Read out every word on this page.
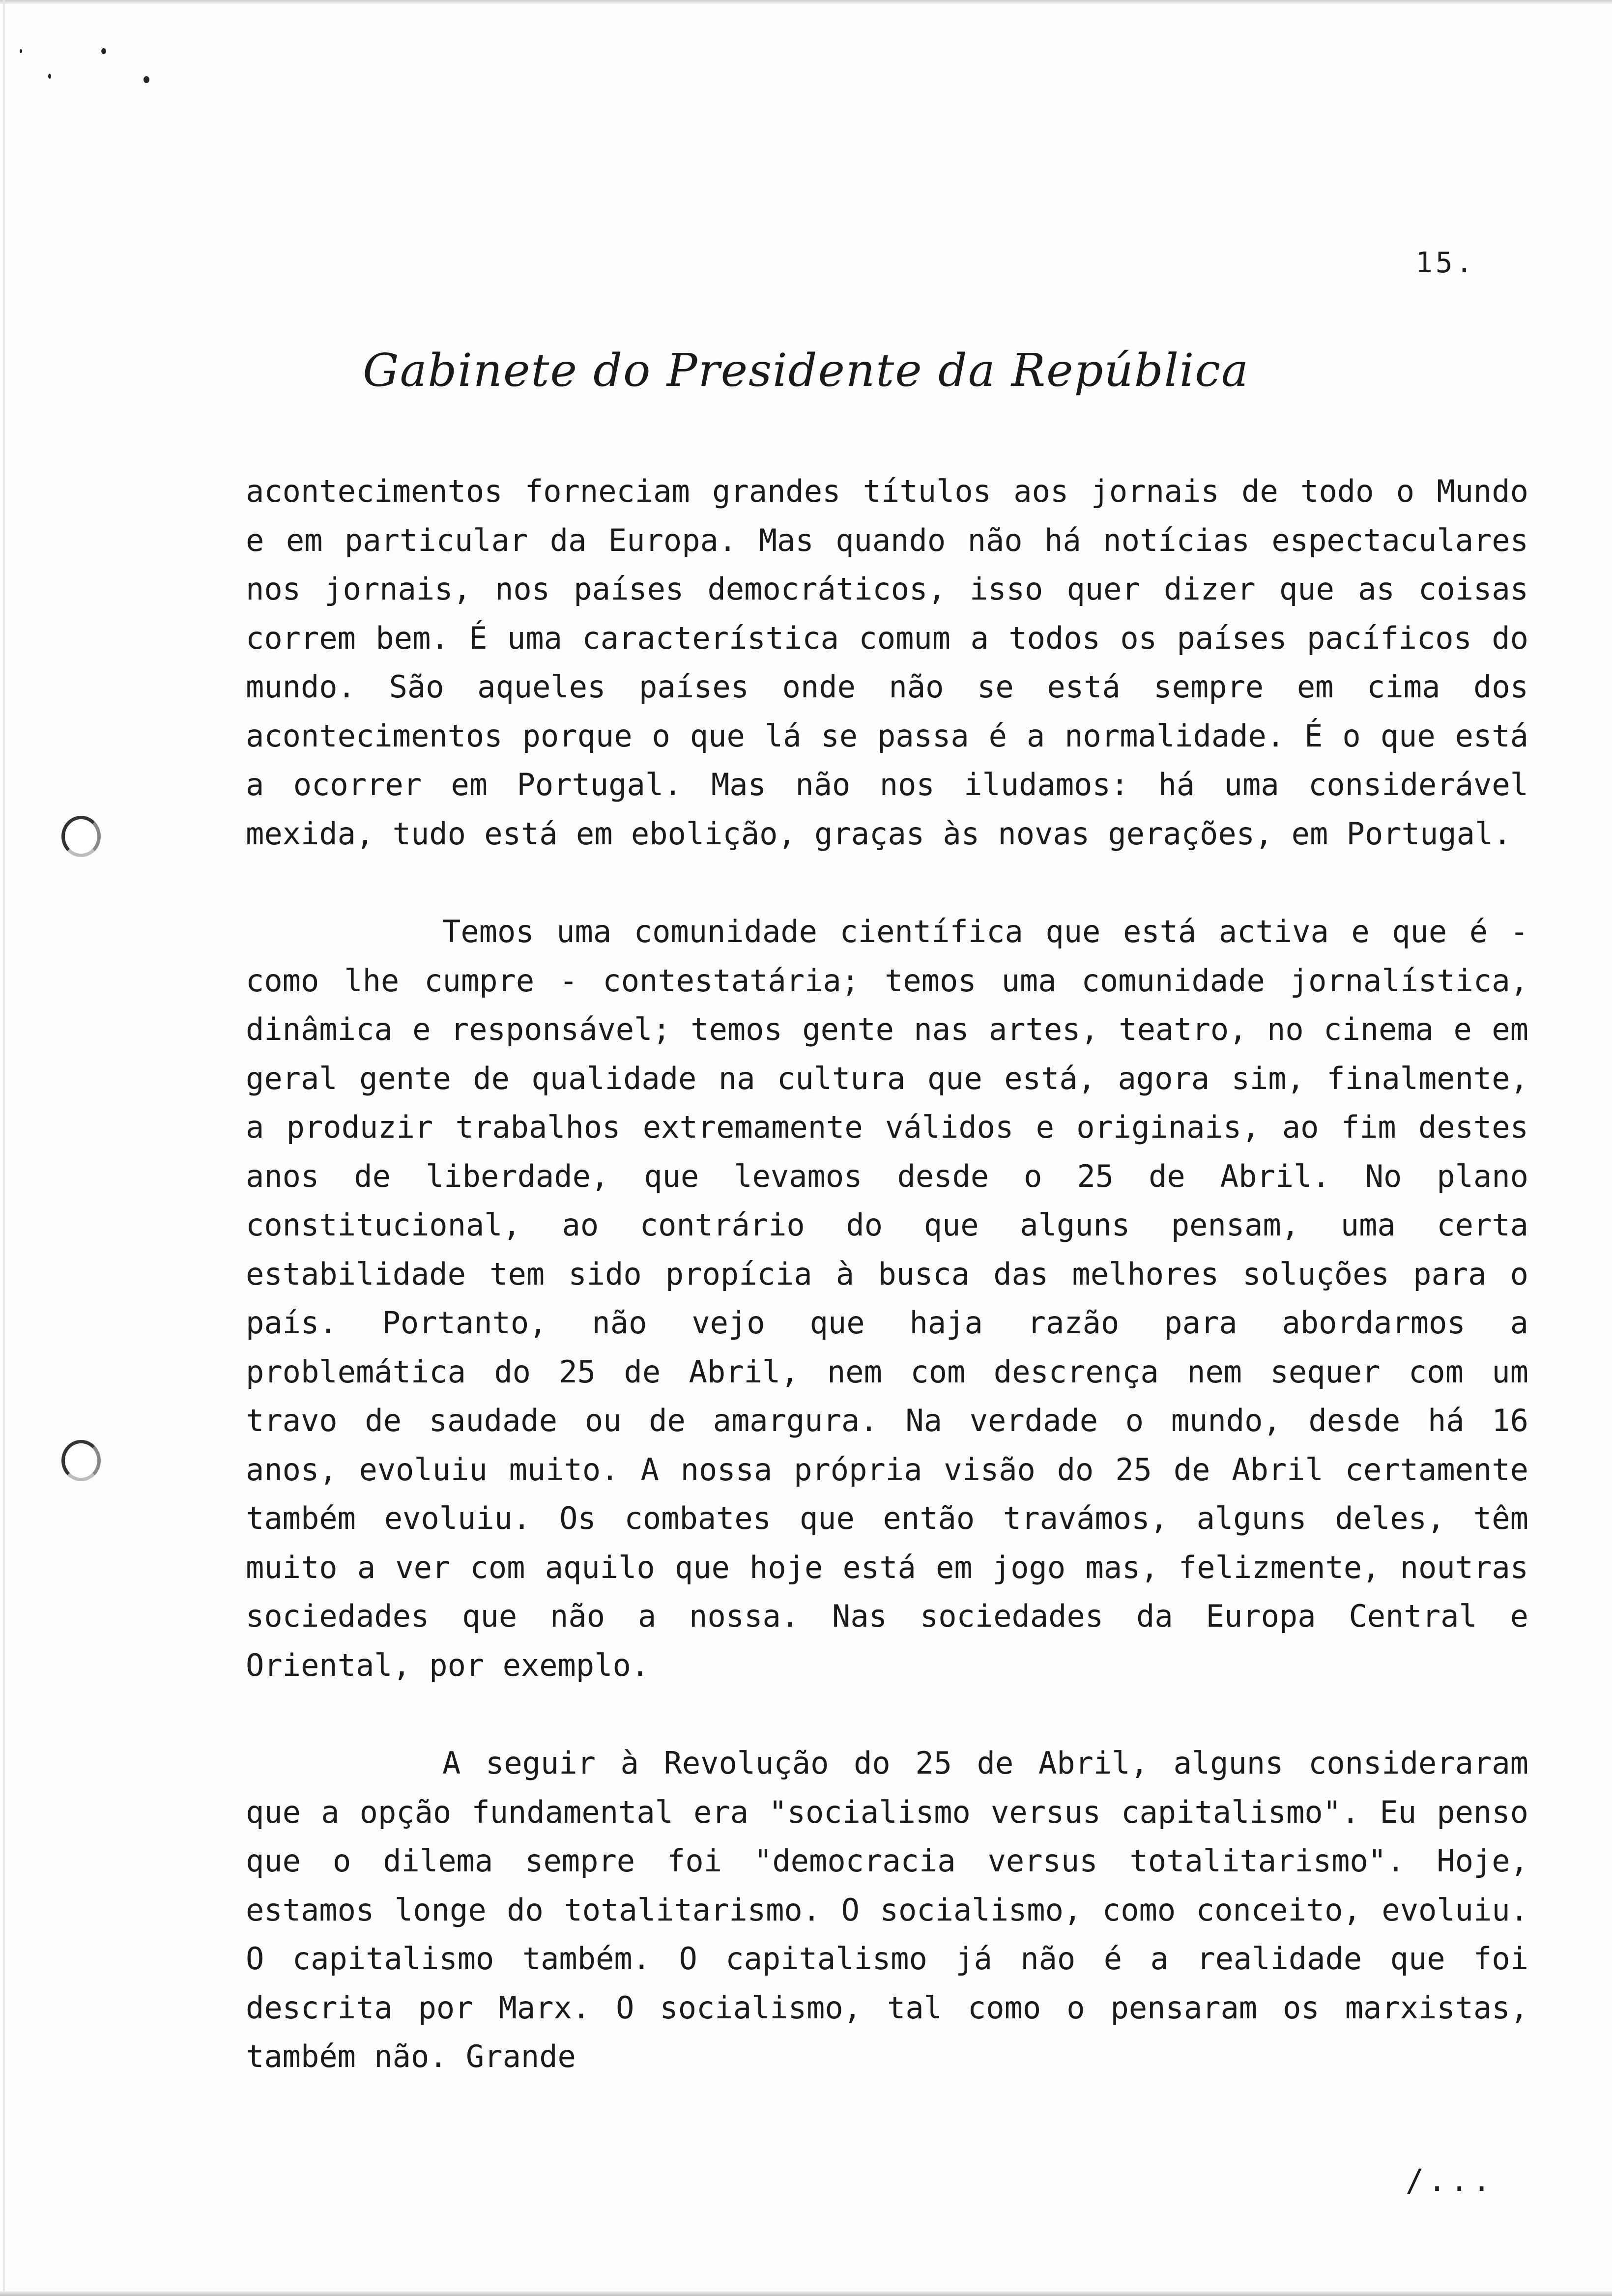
15.
Gabinete do Presidente da República

acontecimentos forneciam grandes títulos aos jornais de todo o Mundo e em particular da Europa. Mas quando não há notícias espectaculares nos jornais, nos países democráticos, isso quer dizer que as coisas correm bem. É uma característica comum a todos os países pacíficos do mundo. São aqueles países onde não se está sempre em cima dos acontecimentos porque o que lá se passa é a normalidade. É o que está a ocorrer em Portugal. Mas não nos iludamos: há uma considerável mexida, tudo está em ebolição, graças às novas gerações, em Portugal.

Temos uma comunidade científica que está activa e que é - como lhe cumpre - contestatária; temos uma comunidade jornalística, dinâmica e responsável; temos gente nas artes, teatro, no cinema e em geral gente de qualidade na cultura que está, agora sim, finalmente, a produzir trabalhos extremamente válidos e originais, ao fim destes anos de liberdade, que levamos desde o 25 de Abril. No plano constitucional, ao contrário do que alguns pensam, uma certa estabilidade tem sido propícia à busca das melhores soluções para o país. Portanto, não vejo que haja razão para abordarmos a problemática do 25 de Abril, nem com descrença nem sequer com um travo de saudade ou de amargura. Na verdade o mundo, desde há 16 anos, evoluiu muito. A nossa própria visão do 25 de Abril certamente também evoluiu. Os combates que então travámos, alguns deles, têm muito a ver com aquilo que hoje está em jogo mas, felizmente, noutras sociedades que não a nossa. Nas sociedades da Europa Central e Oriental, por exemplo.

A seguir à Revolução do 25 de Abril, alguns consideraram que a opção fundamental era "socialismo versus capitalismo". Eu penso que o dilema sempre foi "democracia versus totalitarismo". Hoje, estamos longe do totalitarismo. O socialismo, como conceito, evoluiu. O capitalismo também. O capitalismo já não é a realidade que foi descrita por Marx. O socialismo, tal como o pensaram os marxistas, também não. Grande

/...
